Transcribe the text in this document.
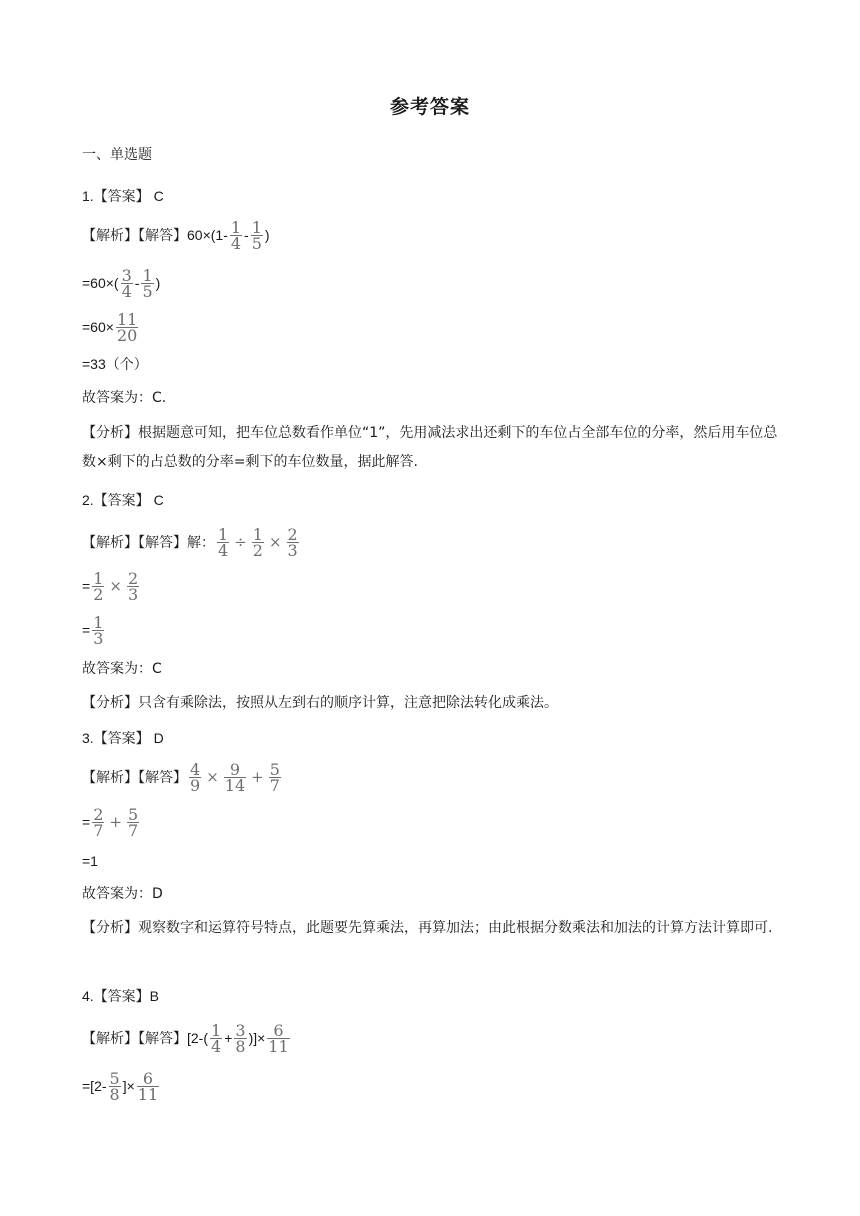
参考答案
一、单选题
1.【答案】 C
【解析】【解答】$60\times(1- \frac{1}{4} - \frac{1}{5}$ )
$=60\times( \frac{3}{4} - \frac{1}{5}$ )
$=60\times \frac{11}{20}$
=33（个）
故答案为：C.
【分析】根据题意可知，把车位总数看作单位“1”，先用减法求出还剩下的车位占全部车位的分率，然后用车位总数×剩下的占总数的分率=剩下的车位数量，据此解答.
2.【答案】 C
【解析】【解答】解： $\frac{1}{4} \div \frac{1}{2} \times \frac{2}{3}$
= $\frac{1}{2} \times \frac{2}{3}$
= $\frac{1}{3}$
故答案为：C
【分析】只含有乘除法，按照从左到右的顺序计算，注意把除法转化成乘法。
3.【答案】 D
【解析】【解答】 $\frac{4}{9} \times \frac{9}{14} + \frac{5}{7}$
= $\frac{2}{7} + \frac{5}{7}$
=1
故答案为：D
【分析】观察数字和运算符号特点，此题要先算乘法，再算加法；由此根据分数乘法和加法的计算方法计算即可.
4.【答案】B
【解析】【解答】[$2-( \frac{1}{4} + \frac{3}{8}$ )]× $\frac{6}{11}$
$=[2- \frac{5}{8}$ ]× $\frac{6}{11}$
